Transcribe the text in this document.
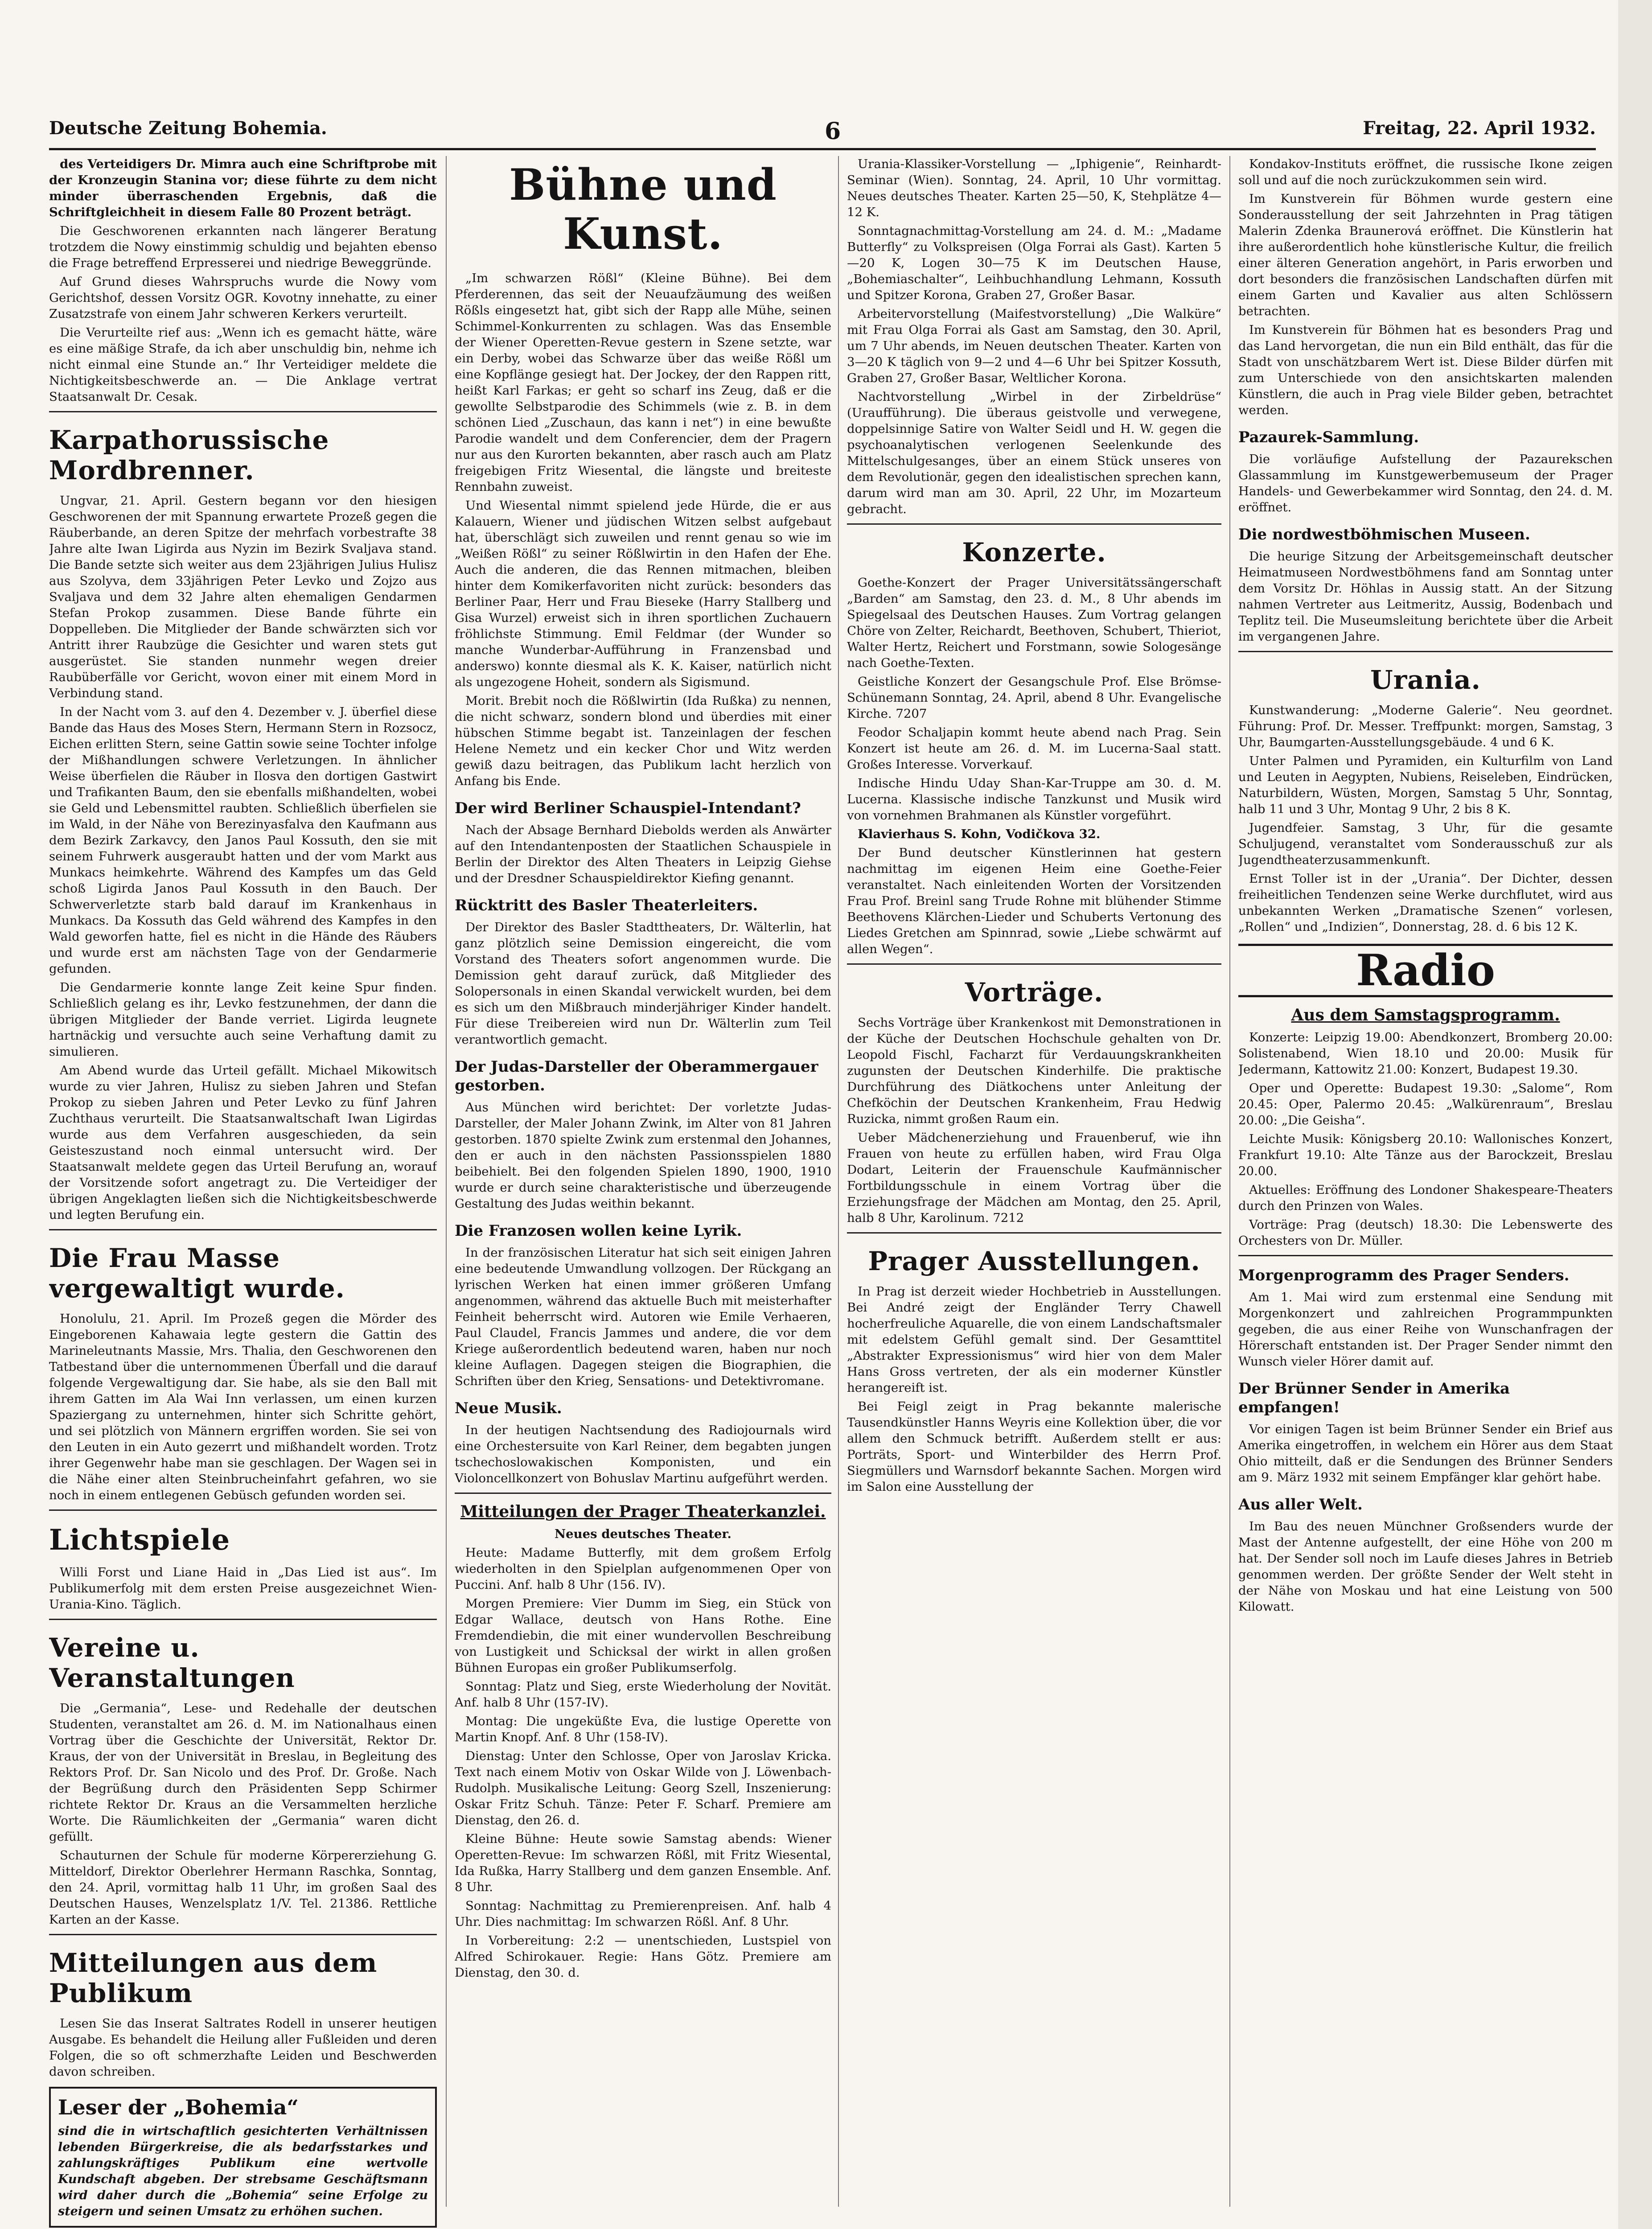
Deutsche Zeitung Bohemia.	6	Freitag, 22. April 1932.

des Verteidigers Dr. Mimra auch eine Schriftprobe mit der Kronzeugin Stanina vor; diese führte zu dem nicht minder überraschenden Ergebnis, daß die Schriftgleichheit in diesem Falle 80 Prozent beträgt.

Die Geschworenen erkannten nach längerer Beratung trotzdem die Nowy einstimmig schuldig und bejahten ebenso die Frage betreffend Erpresserei und niedrige Beweggründe.

Auf Grund dieses Wahrspruchs wurde die Nowy vom Gerichtshof, dessen Vorsitz OGR. Kovotny innehatte, zu einer Zusatzstrafe von einem Jahr schweren Kerkers verurteilt.

Die Verurteilte rief aus: „Wenn ich es gemacht hätte, wäre es eine mäßige Strafe, da ich aber unschuldig bin, nehme ich nicht einmal eine Stunde an.“ Ihr Verteidiger meldete die Nichtigkeitsbeschwerde an. — Die Anklage vertrat Staatsanwalt Dr. Cesak.

Karpathorussische Mordbrenner.

Ungvar, 21. April. Gestern begann vor den hiesigen Geschworenen der mit Spannung erwartete Prozeß gegen die Räuberbande, an deren Spitze der mehrfach vorbestrafte 38 Jahre alte Iwan Ligirda aus Nyzin im Bezirk Svaljava stand. Die Bande setzte sich weiter aus dem 23jährigen Julius Hulisz aus Szolyva, dem 33jährigen Peter Levko und Zojzo aus Svaljava und dem 32 Jahre alten ehemaligen Gendarmen Stefan Prokop zusammen. Diese Bande führte ein Doppelleben. Die Mitglieder der Bande schwärzten sich vor Antritt ihrer Raubzüge die Gesichter und waren stets gut ausgerüstet. Sie standen nunmehr wegen dreier Raubüberfälle vor Gericht, wovon einer mit einem Mord in Verbindung stand.

In der Nacht vom 3. auf den 4. Dezember v. J. überfiel diese Bande das Haus des Moses Stern, Hermann Stern in Rozsocz, Eichen erlitten Stern, seine Gattin sowie seine Tochter infolge der Mißhandlungen schwere Verletzungen. In ähnlicher Weise überfielen die Räuber in Ilosva den dortigen Gastwirt und Trafikanten Baum, den sie ebenfalls mißhandelten, wobei sie Geld und Lebensmittel raubten. Schließlich überfielen sie im Wald, in der Nähe von Berezinyasfalva den Kaufmann aus dem Bezirk Zarkavcy, den Janos Paul Kossuth, den sie mit seinem Fuhrwerk ausgeraubt hatten und der vom Markt aus Munkacs heimkehrte. Während des Kampfes um das Geld schoß Ligirda Janos Paul Kossuth in den Bauch. Der Schwerverletzte starb bald darauf im Krankenhaus in Munkacs. Da Kossuth das Geld während des Kampfes in den Wald geworfen hatte, fiel es nicht in die Hände des Räubers und wurde erst am nächsten Tage von der Gendarmerie gefunden.

Die Gendarmerie konnte lange Zeit keine Spur finden. Schließlich gelang es ihr, Levko festzunehmen, der dann die übrigen Mitglieder der Bande verriet. Ligirda leugnete hartnäckig und versuchte auch seine Verhaftung damit zu simulieren.

Am Abend wurde das Urteil gefällt. Michael Mikowitsch wurde zu vier Jahren, Hulisz zu sieben Jahren und Stefan Prokop zu sieben Jahren und Peter Levko zu fünf Jahren Zuchthaus verurteilt. Die Staatsanwaltschaft Iwan Ligirdas wurde aus dem Verfahren ausgeschieden, da sein Geisteszustand noch einmal untersucht wird. Der Staatsanwalt meldete gegen das Urteil Berufung an, worauf der Vorsitzende sofort angetragt zu. Die Verteidiger der übrigen Angeklagten ließen sich die Nichtigkeitsbeschwerde und legten Berufung ein.

Die Frau Masse vergewaltigt wurde.

Honolulu, 21. April. Im Prozeß gegen die Mörder des Eingeborenen Kahawaia legte gestern die Gattin des Marineleutnants Massie, Mrs. Thalia, den Geschworenen den Tatbestand über die unternommenen Überfall und die darauf folgende Vergewaltigung dar. Sie habe, als sie den Ball mit ihrem Gatten im Ala Wai Inn verlassen, um einen kurzen Spaziergang zu unternehmen, hinter sich Schritte gehört, und sei plötzlich von Männern ergriffen worden. Sie sei von den Leuten in ein Auto gezerrt und mißhandelt worden. Trotz ihrer Gegenwehr habe man sie geschlagen. Der Wagen sei in die Nähe einer alten Steinbrucheinfahrt gefahren, wo sie noch in einem entlegenen Gebüsch gefunden worden sei.

Lichtspiele

Willi Forst und Liane Haid in „Das Lied ist aus“. Im Publikumerfolg mit dem ersten Preise ausgezeichnet Wien-Urania-Kino. Täglich.

Vereine u. Veranstaltungen

Die „Germania“, Lese- und Redehalle der deutschen Studenten, veranstaltet am 26. d. M. im Nationalhaus einen Vortrag über die Geschichte der Universität, Rektor Dr. Kraus, der von der Universität in Breslau, in Begleitung des Rektors Prof. Dr. San Nicolo und des Prof. Dr. Große. Nach der Begrüßung durch den Präsidenten Sepp Schirmer richtete Rektor Dr. Kraus an die Versammelten herzliche Worte. Die Räumlichkeiten der „Germania“ waren dicht gefüllt.

Schauturnen der Schule für moderne Körpererziehung G. Mitteldorf, Direktor Oberlehrer Hermann Raschka, Sonntag, den 24. April, vormittag halb 11 Uhr, im großen Saal des Deutschen Hauses, Wenzelsplatz 1/V. Tel. 21386. Rettliche Karten an der Kasse.

Mitteilungen aus dem Publikum

Lesen Sie das Inserat Saltrates Rodell in unserer heutigen Ausgabe. Es behandelt die Heilung aller Fußleiden und deren Folgen, die so oft schmerzhafte Leiden und Beschwerden davon schreiben.

Leser der „Bohemia“
sind die in wirtschaftlich gesichterten Verhältnissen lebenden Bürgerkreise, die als bedarfsstarkes und zahlungskräftiges Publikum eine wertvolle Kundschaft abgeben. Der strebsame Geschäftsmann wird daher durch die „Bohemia“ seine Erfolge zu steigern und seinen Umsatz zu erhöhen suchen.
Bühne und Kunst.

„Im schwarzen Rößl“ (Kleine Bühne). Bei dem Pferderennen, das seit der Neuaufzäumung des weißen Rößls eingesetzt hat, gibt sich der Rapp alle Mühe, seinen Schimmel-Konkurrenten zu schlagen. Was das Ensemble der Wiener Operetten-Revue gestern in Szene setzte, war ein Derby, wobei das Schwarze über das weiße Rößl um eine Kopflänge gesiegt hat. Der Jockey, der den Rappen ritt, heißt Karl Farkas; er geht so scharf ins Zeug, daß er die gewollte Selbstparodie des Schimmels (wie z. B. in dem schönen Lied „Zuschaun, das kann i net“) in eine bewußte Parodie wandelt und dem Conferencier, dem der Pragern nur aus den Kurorten bekannten, aber rasch auch am Platz freigebigen Fritz Wiesental, die längste und breiteste Rennbahn zuweist.

Und Wiesental nimmt spielend jede Hürde, die er aus Kalauern, Wiener und jüdischen Witzen selbst aufgebaut hat, überschlägt sich zuweilen und rennt genau so wie im „Weißen Rößl“ zu seiner Rößlwirtin in den Hafen der Ehe. Auch die anderen, die das Rennen mitmachen, bleiben hinter dem Komikerfavoriten nicht zurück: besonders das Berliner Paar, Herr und Frau Bieseke (Harry Stallberg und Gisa Wurzel) erweist sich in ihren sportlichen Zuchauern fröhlichste Stimmung. Emil Feldmar (der Wunder so manche Wunderbar-Aufführung in Franzensbad und anderswo) konnte diesmal als K. K. Kaiser, natürlich nicht als ungezogene Hoheit, sondern als Sigismund.

Morit. Brebit noch die Rößlwirtin (Ida Rußka) zu nennen, die nicht schwarz, sondern blond und überdies mit einer hübschen Stimme begabt ist. Tanzeinlagen der feschen Helene Nemetz und ein kecker Chor und Witz werden gewiß dazu beitragen, das Publikum lacht herzlich von Anfang bis Ende.

Der wird Berliner Schauspiel-Intendant?

Nach der Absage Bernhard Diebolds werden als Anwärter auf den Intendantenposten der Staatlichen Schauspiele in Berlin der Direktor des Alten Theaters in Leipzig Giehse und der Dresdner Schauspieldirektor Kiefing genannt.

Rücktritt des Basler Theaterleiters.

Der Direktor des Basler Stadttheaters, Dr. Wälterlin, hat ganz plötzlich seine Demission eingereicht, die vom Vorstand des Theaters sofort angenommen wurde. Die Demission geht darauf zurück, daß Mitglieder des Solopersonals in einen Skandal verwickelt wurden, bei dem es sich um den Mißbrauch minderjähriger Kinder handelt. Für diese Treibereien wird nun Dr. Wälterlin zum Teil verantwortlich gemacht.

Der Judas-Darsteller der Oberammergauer gestorben.

Aus München wird berichtet: Der vorletzte Judas-Darsteller, der Maler Johann Zwink, im Alter von 81 Jahren gestorben. 1870 spielte Zwink zum erstenmal den Johannes, den er auch in den nächsten Passionsspielen 1880 beibehielt. Bei den folgenden Spielen 1890, 1900, 1910 wurde er durch seine charakteristische und überzeugende Gestaltung des Judas weithin bekannt.

Die Franzosen wollen keine Lyrik.

In der französischen Literatur hat sich seit einigen Jahren eine bedeutende Umwandlung vollzogen. Der Rückgang an lyrischen Werken hat einen immer größeren Umfang angenommen, während das aktuelle Buch mit meisterhafter Feinheit beherrscht wird. Autoren wie Emile Verhaeren, Paul Claudel, Francis Jammes und andere, die vor dem Kriege außerordentlich bedeutend waren, haben nur noch kleine Auflagen. Dagegen steigen die Biographien, die Schriften über den Krieg, Sensations- und Detektivromane.

Neue Musik.

In der heutigen Nachtsendung des Radiojournals wird eine Orchestersuite von Karl Reiner, dem begabten jungen tschechoslowakischen Komponisten, und ein Violoncellkonzert von Bohuslav Martinu aufgeführt werden.

Mitteilungen der Prager Theaterkanzlei.

Neues deutsches Theater.

Heute: Madame Butterfly, mit dem großem Erfolg wiederholten in den Spielplan aufgenommenen Oper von Puccini. Anf. halb 8 Uhr (156. IV).

Morgen Premiere: Vier Dumm im Sieg, ein Stück von Edgar Wallace, deutsch von Hans Rothe. Eine Fremdendiebin, die mit einer wundervollen Beschreibung von Lustigkeit und Schicksal der wirkt in allen großen Bühnen Europas ein großer Publikumserfolg.

Sonntag: Platz und Sieg, erste Wiederholung der Novität. Anf. halb 8 Uhr (157-IV).

Montag: Die ungeküßte Eva, die lustige Operette von Martin Knopf. Anf. 8 Uhr (158-IV).

Dienstag: Unter den Schlosse, Oper von Jaroslav Kricka. Text nach einem Motiv von Oskar Wilde von J. Löwenbach-Rudolph. Musikalische Leitung: Georg Szell, Inszenierung: Oskar Fritz Schuh. Tänze: Peter F. Scharf. Premiere am Dienstag, den 26. d.

Kleine Bühne: Heute sowie Samstag abends: Wiener Operetten-Revue: Im schwarzen Rößl, mit Fritz Wiesental, Ida Rußka, Harry Stallberg und dem ganzen Ensemble. Anf. 8 Uhr.

Sonntag: Nachmittag zu Premierenpreisen. Anf. halb 4 Uhr. Dies nachmittag: Im schwarzen Rößl. Anf. 8 Uhr.

In Vorbereitung: 2:2 — unentschieden, Lustspiel von Alfred Schirokauer. Regie: Hans Götz. Premiere am Dienstag, den 30. d.

Urania-Klassiker-Vorstellung — „Iphigenie“, Reinhardt-Seminar (Wien). Sonntag, 24. April, 10 Uhr vormittag. Neues deutsches Theater. Karten 25—50, K, Stehplätze 4—12 K.

Sonntagnachmittag-Vorstellung am 24. d. M.: „Madame Butterfly“ zu Volkspreisen (Olga Forrai als Gast). Karten 5—20 K, Logen 30—75 K im Deutschen Hause, „Bohemiaschalter“, Leihbuchhandlung Lehmann, Kossuth und Spitzer Korona, Graben 27, Großer Basar.

Arbeitervorstellung (Maifestvorstellung) „Die Walküre“ mit Frau Olga Forrai als Gast am Samstag, den 30. April, um 7 Uhr abends, im Neuen deutschen Theater. Karten von 3—20 K täglich von 9—2 und 4—6 Uhr bei Spitzer Kossuth, Graben 27, Großer Basar, Weltlicher Korona.

Nachtvorstellung „Wirbel in der Zirbeldrüse“ (Uraufführung). Die überaus geistvolle und verwegene, doppelsinnige Satire von Walter Seidl und H. W. gegen die psychoanalytischen verlogenen Seelenkunde des Mittelschulgesanges, über an einem Stück unseres von dem Revolutionär, gegen den idealistischen sprechen kann, darum wird man am 30. April, 22 Uhr, im Mozarteum gebracht.

Konzerte.

Goethe-Konzert der Prager Universitätssängerschaft „Barden“ am Samstag, den 23. d. M., 8 Uhr abends im Spiegelsaal des Deutschen Hauses. Zum Vortrag gelangen Chöre von Zelter, Reichardt, Beethoven, Schubert, Thieriot, Walter Hertz, Reichert und Forstmann, sowie Sologesänge nach Goethe-Texten.

Geistliche Konzert der Gesangschule Prof. Else Brömse-Schünemann Sonntag, 24. April, abend 8 Uhr. Evangelische Kirche. 7207

Feodor Schaljapin kommt heute abend nach Prag. Sein Konzert ist heute am 26. d. M. im Lucerna-Saal statt. Großes Interesse. Vorverkauf.

Indische Hindu Uday Shan-Kar-Truppe am 30. d. M. Lucerna. Klassische indische Tanzkunst und Musik wird von vornehmen Brahmanen als Künstler vorgeführt.

Klavierhaus S. Kohn, Vodičkova 32.

Der Bund deutscher Künstlerinnen hat gestern nachmittag im eigenen Heim eine Goethe-Feier veranstaltet. Nach einleitenden Worten der Vorsitzenden Frau Prof. Breinl sang Trude Rohne mit blühender Stimme Beethovens Klärchen-Lieder und Schuberts Vertonung des Liedes Gretchen am Spinnrad, sowie „Liebe schwärmt auf allen Wegen“.

Vorträge.

Sechs Vorträge über Krankenkost mit Demonstrationen in der Küche der Deutschen Hochschule gehalten von Dr. Leopold Fischl, Facharzt für Verdauungskrankheiten zugunsten der Deutschen Kinderhilfe. Die praktische Durchführung des Diätkochens unter Anleitung der Chefköchin der Deutschen Krankenheim, Frau Hedwig Ruzicka, nimmt großen Raum ein.

Ueber Mädchenerziehung und Frauenberuf, wie ihn Frauen von heute zu erfüllen haben, wird Frau Olga Dodart, Leiterin der Frauenschule Kaufmännischer Fortbildungsschule in einem Vortrag über die Erziehungsfrage der Mädchen am Montag, den 25. April, halb 8 Uhr, Karolinum. 7212

Prager Ausstellungen.

In Prag ist derzeit wieder Hochbetrieb in Ausstellungen. Bei André zeigt der Engländer Terry Chawell hocherfreuliche Aquarelle, die von einem Landschaftsmaler mit edelstem Gefühl gemalt sind. Der Gesamttitel „Abstrakter Expressionismus“ wird hier von dem Maler Hans Gross vertreten, der als ein moderner Künstler herangereift ist.

Bei Feigl zeigt in Prag bekannte malerische Tausendkünstler Hanns Weyris eine Kollektion über, die vor allem den Schmuck betrifft. Außerdem stellt er aus: Porträts, Sport- und Winterbilder des Herrn Prof. Siegmüllers und Warnsdorf bekannte Sachen. Morgen wird im Salon eine Ausstellung der

Kondakov-Instituts eröffnet, die russische Ikone zeigen soll und auf die noch zurückzukommen sein wird.

Im Kunstverein für Böhmen wurde gestern eine Sonderausstellung der seit Jahrzehnten in Prag tätigen Malerin Zdenka Braunerová eröffnet. Die Künstlerin hat ihre außerordentlich hohe künstlerische Kultur, die freilich einer älteren Generation angehört, in Paris erworben und dort besonders die französischen Landschaften dürfen mit einem Garten und Kavalier aus alten Schlössern betrachten.

Im Kunstverein für Böhmen hat es besonders Prag und das Land hervorgetan, die nun ein Bild enthält, das für die Stadt von unschätzbarem Wert ist. Diese Bilder dürfen mit zum Unterschiede von den ansichtskarten malenden Künstlern, die auch in Prag viele Bilder geben, betrachtet werden.

Pazaurek-Sammlung.

Die vorläufige Aufstellung der Pazaurekschen Glassammlung im Kunstgewerbemuseum der Prager Handels- und Gewerbekammer wird Sonntag, den 24. d. M. eröffnet.

Die nordwestböhmischen Museen.

Die heurige Sitzung der Arbeitsgemeinschaft deutscher Heimatmuseen Nordwestböhmens fand am Sonntag unter dem Vorsitz Dr. Höhlas in Aussig statt. An der Sitzung nahmen Vertreter aus Leitmeritz, Aussig, Bodenbach und Teplitz teil. Die Museumsleitung berichtete über die Arbeit im vergangenen Jahre.

Urania.

Kunstwanderung: „Moderne Galerie“. Neu geordnet. Führung: Prof. Dr. Messer. Treffpunkt: morgen, Samstag, 3 Uhr, Baumgarten-Ausstellungsgebäude. 4 und 6 K.

Unter Palmen und Pyramiden, ein Kulturfilm von Land und Leuten in Aegypten, Nubiens, Reiseleben, Eindrücken, Naturbildern, Wüsten, Morgen, Samstag 5 Uhr, Sonntag, halb 11 und 3 Uhr, Montag 9 Uhr, 2 bis 8 K.

Jugendfeier. Samstag, 3 Uhr, für die gesamte Schuljugend, veranstaltet vom Sonderausschuß zur als Jugendtheaterzusammenkunft.

Ernst Toller ist in der „Urania“. Der Dichter, dessen freiheitlichen Tendenzen seine Werke durchflutet, wird aus unbekannten Werken „Dramatische Szenen“ vorlesen, „Rollen“ und „Indizien“, Donnerstag, 28. d. 6 bis 12 K.

Radio
Aus dem Samstagsprogramm.

Konzerte: Leipzig 19.00: Abendkonzert, Bromberg 20.00: Solistenabend, Wien 18.10 und 20.00: Musik für Jedermann, Kattowitz 21.00: Konzert, Budapest 19.30.

Oper und Operette: Budapest 19.30: „Salome“, Rom 20.45: Oper, Palermo 20.45: „Walkürenraum“, Breslau 20.00: „Die Geisha“.

Leichte Musik: Königsberg 20.10: Wallonisches Konzert, Frankfurt 19.10: Alte Tänze aus der Barockzeit, Breslau 20.00.

Aktuelles: Eröffnung des Londoner Shakespeare-Theaters durch den Prinzen von Wales.

Vorträge: Prag (deutsch) 18.30: Die Lebenswerte des Orchesters von Dr. Müller.

Morgenprogramm des Prager Senders.

Am 1. Mai wird zum erstenmal eine Sendung mit Morgenkonzert und zahlreichen Programmpunkten gegeben, die aus einer Reihe von Wunschanfragen der Hörerschaft entstanden ist. Der Prager Sender nimmt den Wunsch vieler Hörer damit auf.

Der Brünner Sender in Amerika empfangen!

Vor einigen Tagen ist beim Brünner Sender ein Brief aus Amerika eingetroffen, in welchem ein Hörer aus dem Staat Ohio mitteilt, daß er die Sendungen des Brünner Senders am 9. März 1932 mit seinem Empfänger klar gehört habe.

Aus aller Welt.

Im Bau des neuen Münchner Großsenders wurde der Mast der Antenne aufgestellt, der eine Höhe von 200 m hat. Der Sender soll noch im Laufe dieses Jahres in Betrieb genommen werden. Der größte Sender der Welt steht in der Nähe von Moskau und hat eine Leistung von 500 Kilowatt.
